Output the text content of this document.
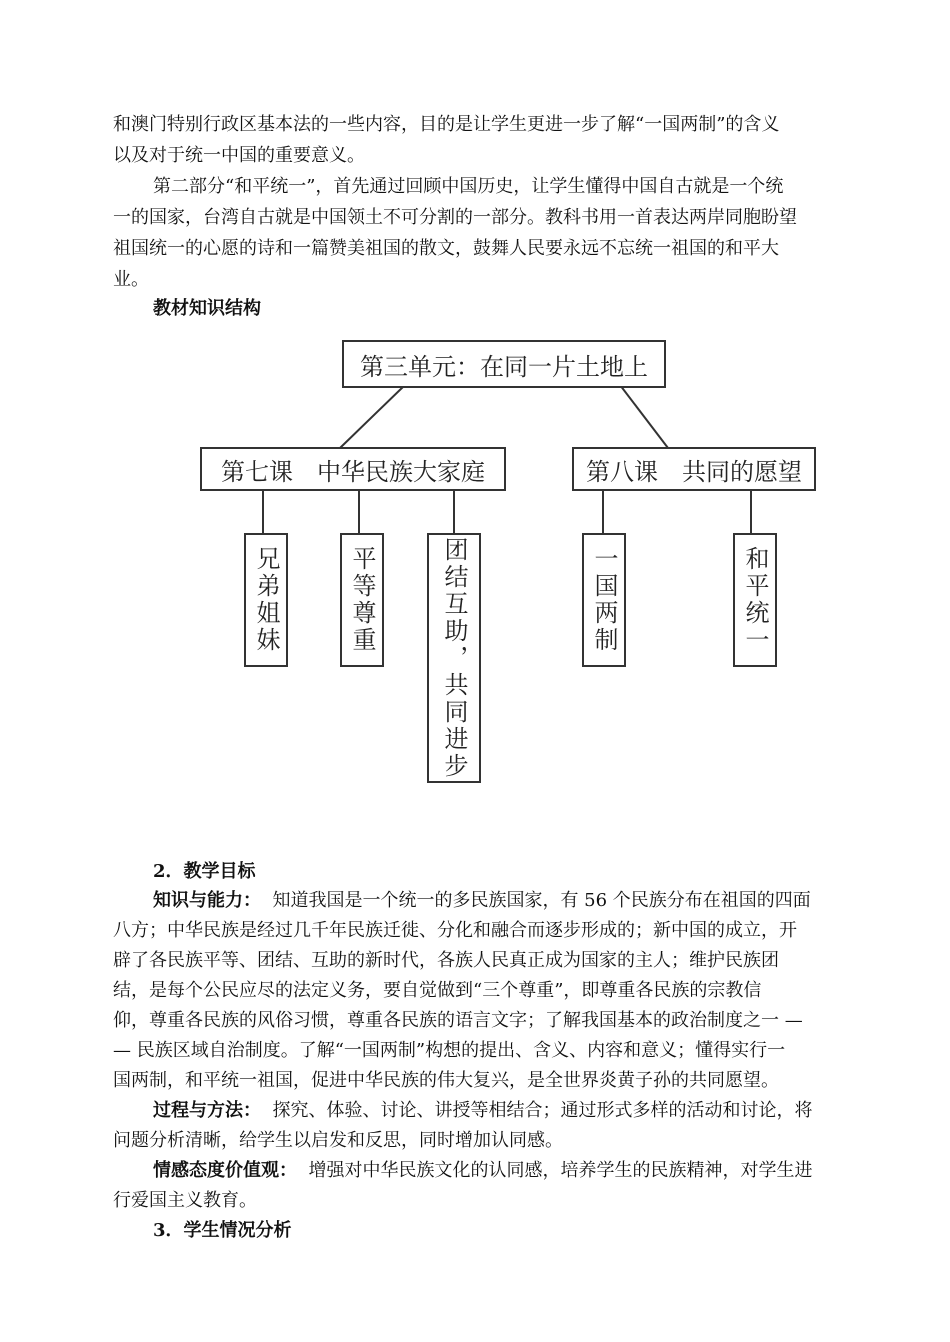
和澳门特别行政区基本法的一些内容，目的是让学生更进一步了解“一国两制”的含义
以及对于统一中国的重要意义。
第二部分“和平统一”，首先通过回顾中国历史，让学生懂得中国自古就是一个统
一的国家，台湾自古就是中国领土不可分割的一部分。教科书用一首表达两岸同胞盼望
祖国统一的心愿的诗和一篇赞美祖国的散文，鼓舞人民要永远不忘统一祖国的和平大
业。
教材知识结构
第三单元：在同一片土地上
第七课　中华民族大家庭	第八课　共同的愿望
兄弟姐妹	平等尊重	团结互助，共同进步	一国两制	和平统一
2．教学目标
知识与能力： 知道我国是一个统一的多民族国家，有 56 个民族分布在祖国的四面
八方；中华民族是经过几千年民族迁徙、分化和融合而逐步形成的；新中国的成立，开
辟了各民族平等、团结、互助的新时代，各族人民真正成为国家的主人；维护民族团
结，是每个公民应尽的法定义务，要自觉做到“三个尊重”，即尊重各民族的宗教信
仰，尊重各民族的风俗习惯，尊重各民族的语言文字；了解我国基本的政治制度之一 —
— 民族区域自治制度。了解“一国两制”构想的提出、含义、内容和意义；懂得实行一
国两制，和平统一祖国，促进中华民族的伟大复兴，是全世界炎黄子孙的共同愿望。
过程与方法： 探究、体验、讨论、讲授等相结合；通过形式多样的活动和讨论，将
问题分析清晰，给学生以启发和反思，同时增加认同感。
情感态度价值观： 增强对中华民族文化的认同感，培养学生的民族精神，对学生进
行爱国主义教育。
3．学生情况分析
